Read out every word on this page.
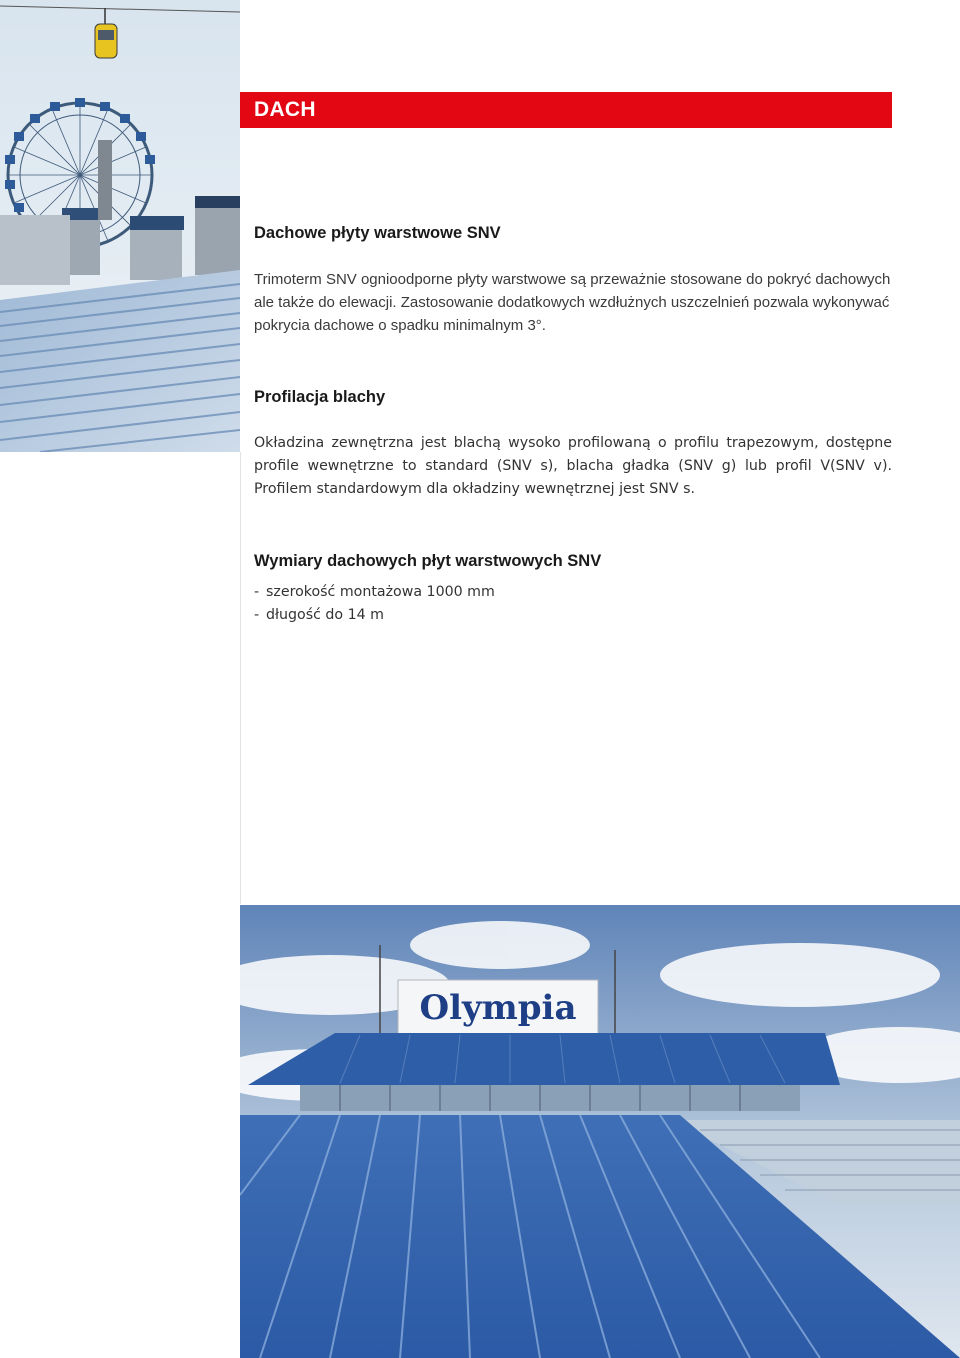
DACH
Dachowe płyty warstwowe SNV

Trimoterm SNV ognioodporne płyty warstwowe są przeważnie stosowane do pokryć dachowych ale także do elewacji. Zastosowanie dodatkowych wzdłużnych uszczelnień pozwala wykonywać pokrycia dachowe o spadku minimalnym 3°.

Profilacja blachy

Okładzina zewnętrzna jest blachą wysoko profilowaną o profilu trapezowym, dostępne profile wewnętrzne to standard (SNV s), blacha gładka (SNV g) lub profil V(SNV v). Profilem standardowym dla okładziny wewnętrznej jest SNV s.

Wymiary dachowych płyt warstwowych SNV
- szerokość montażowa 1000 mm
- długość do 14 m
Olympia
